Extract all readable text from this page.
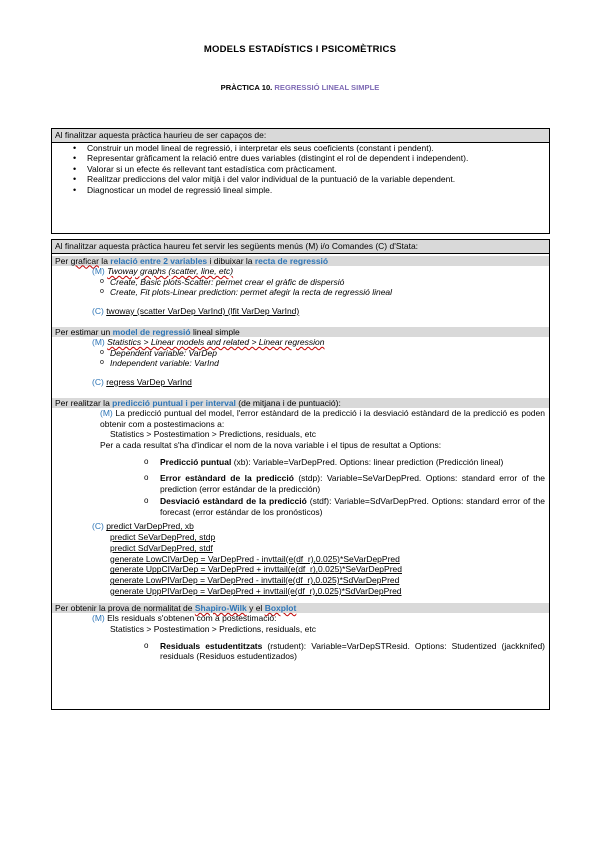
MODELS ESTADÍSTICS I PSICOMÈTRICS
PRÀCTICA 10. REGRESSIÓ LINEAL SIMPLE
Al finalitzar aquesta pràctica haurieu de ser capaços de:
• Construir un model lineal de regressió, i interpretar els seus coeficients (constant i pendent).
• Representar gràficament la relació entre dues variables (distingint el rol de dependent i independent).
• Valorar si un efecte és rellevant tant estadística com pràcticament.
• Realitzar prediccions del valor mitjà i del valor individual de la puntuació de la variable dependent.
• Diagnosticar un model de regressió lineal simple.
Al finalitzar aquesta pràctica haureu fet servir les següents menús (M) i/o Comandes (C) d'Stata:
Per graficar la relació entre 2 variables i dibuixar la recta de regressió
(M) Twoway graphs (scatter, line, etc)
o Create, Basic plots-Scatter: permet crear el gràfic de dispersió
o Create, Fit plots-Linear prediction: permet afegir la recta de regressió lineal
(C) twoway (scatter VarDep VarInd) (lfit VarDep VarInd)
Per estimar un model de regressió lineal simple
(M) Statistics > Linear models and related > Linear regression
o Dependent variable: VarDep
o Independent variable: VarInd
(C) regress VarDep VarInd
Per realitzar la predicció puntual i per interval (de mitjana i de puntuació):
(M) La predicció puntual del model, l'error estàndard de la predicció i la desviació estàndard de la predicció es poden obtenir com a postestimacions a:
Statistics > Postestimation > Predictions, residuals, etc
Per a cada resultat s'ha d'indicar el nom de la nova variable i el tipus de resultat a Options:
o Predicció puntual (xb): Variable=VarDepPred. Options: linear prediction (Predicción lineal)
o Error estàndard de la predicció (stdp): Variable=SeVarDepPred. Options: standard error of the prediction (error estándar de la predicción)
o Desviació estàndard de la predicció (stdf): Variable=SdVarDepPred. Options: standard error of the forecast (error estándar de los pronósticos)
(C) predict VarDepPred, xb
predict SeVarDepPred, stdp
predict SdVarDepPred, stdf
generate LowCIVarDep = VarDepPred - invttail(e(df_r),0.025)*SeVarDepPred
generate UppCIVarDep = VarDepPred + invttail(e(df_r),0.025)*SeVarDepPred
generate LowPIVarDep = VarDepPred - invttail(e(df_r),0.025)*SdVarDepPred
generate UppPIVarDep = VarDepPred + invttail(e(df_r),0.025)*SdVarDepPred
Per obtenir la prova de normalitat de Shapiro-Wilk y el Boxplot
(M) Els residuals s'obtenen com a postestimació:
Statistics > Postestimation > Predictions, residuals, etc
o Residuals estudentitzats (rstudent): Variable=VarDepSTResid. Options: Studentized (jackknifed) residuals (Residuos estudentizados)
